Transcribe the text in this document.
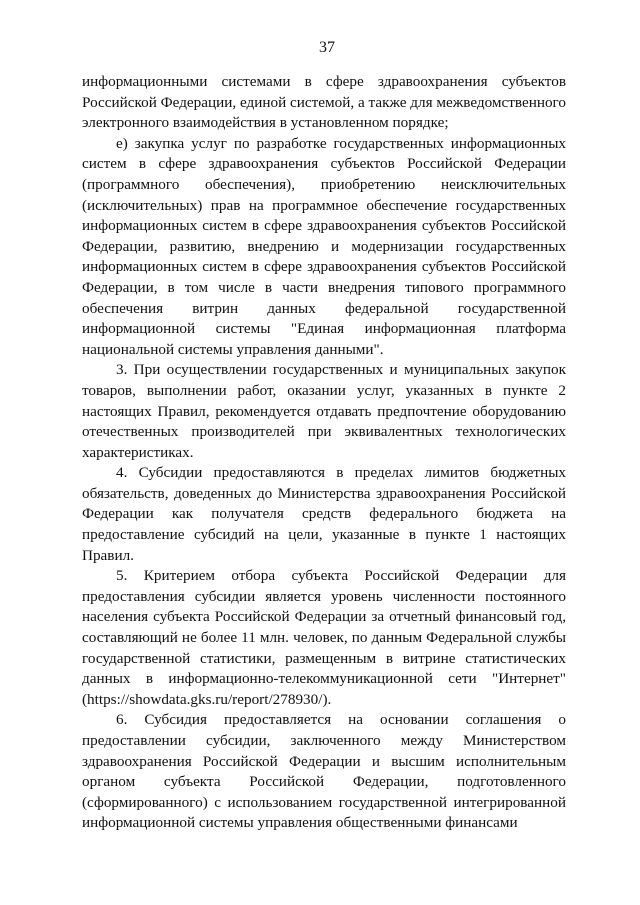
37

информационными системами в сфере здравоохранения субъектов Российской Федерации, единой системой, а также для межведомственного электронного взаимодействия в установленном порядке;

е) закупка услуг по разработке государственных информационных систем в сфере здравоохранения субъектов Российской Федерации (программного обеспечения), приобретению неисключительных (исключительных) прав на программное обеспечение государственных информационных систем в сфере здравоохранения субъектов Российской Федерации, развитию, внедрению и модернизации государственных информационных систем в сфере здравоохранения субъектов Российской Федерации, в том числе в части внедрения типового программного обеспечения витрин данных федеральной государственной информационной системы "Единая информационная платформа национальной системы управления данными".

3. При осуществлении государственных и муниципальных закупок товаров, выполнении работ, оказании услуг, указанных в пункте 2 настоящих Правил, рекомендуется отдавать предпочтение оборудованию отечественных производителей при эквивалентных технологических характеристиках.

4. Субсидии предоставляются в пределах лимитов бюджетных обязательств, доведенных до Министерства здравоохранения Российской Федерации как получателя средств федерального бюджета на предоставление субсидий на цели, указанные в пункте 1 настоящих Правил.

5. Критерием отбора субъекта Российской Федерации для предоставления субсидии является уровень численности постоянного населения субъекта Российской Федерации за отчетный финансовый год, составляющий не более 11 млн. человек, по данным Федеральной службы государственной статистики, размещенным в витрине статистических данных в информационно-телекоммуникационной сети "Интернет" (https://showdata.gks.ru/report/278930/).

6. Субсидия предоставляется на основании соглашения о предоставлении субсидии, заключенного между Министерством здравоохранения Российской Федерации и высшим исполнительным органом субъекта Российской Федерации, подготовленного (сформированного) с использованием государственной интегрированной информационной системы управления общественными финансами
